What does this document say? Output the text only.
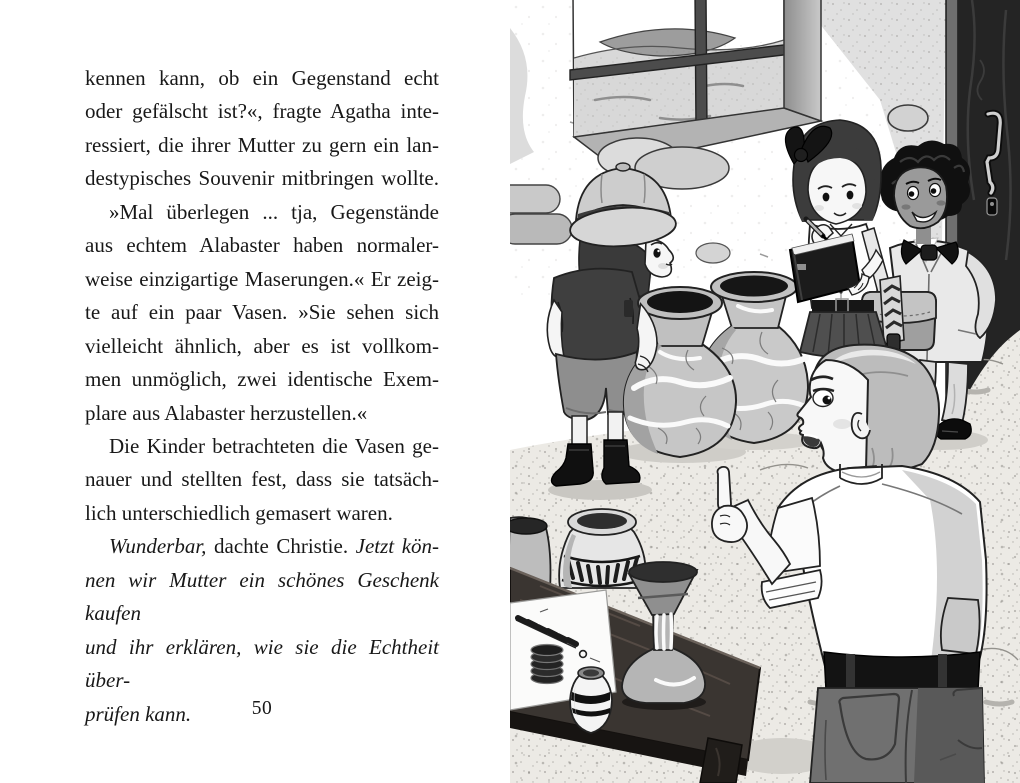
kennen kann, ob ein Gegenstand echt
oder gefälscht ist?«, fragte Agatha inte-
ressiert, die ihrer Mutter zu gern ein lan-
destypisches Souvenir mitbringen wollte.
»Mal überlegen ... tja, Gegenstände
aus echtem Alabaster haben normaler-
weise einzigartige Maserungen.« Er zeig-
te auf ein paar Vasen. »Sie sehen sich
vielleicht ähnlich, aber es ist vollkom-
men unmöglich, zwei identische Exem-
plare aus Alabaster herzustellen.«
Die Kinder betrachteten die Vasen ge-
nauer und stellten fest, dass sie tatsäch-
lich unterschiedlich gemasert waren.
Wunderbar, dachte Christie. Jetzt kön-
nen wir Mutter ein schönes Geschenk kaufen
und ihr erklären, wie sie die Echtheit über-
prüfen kann.	50
